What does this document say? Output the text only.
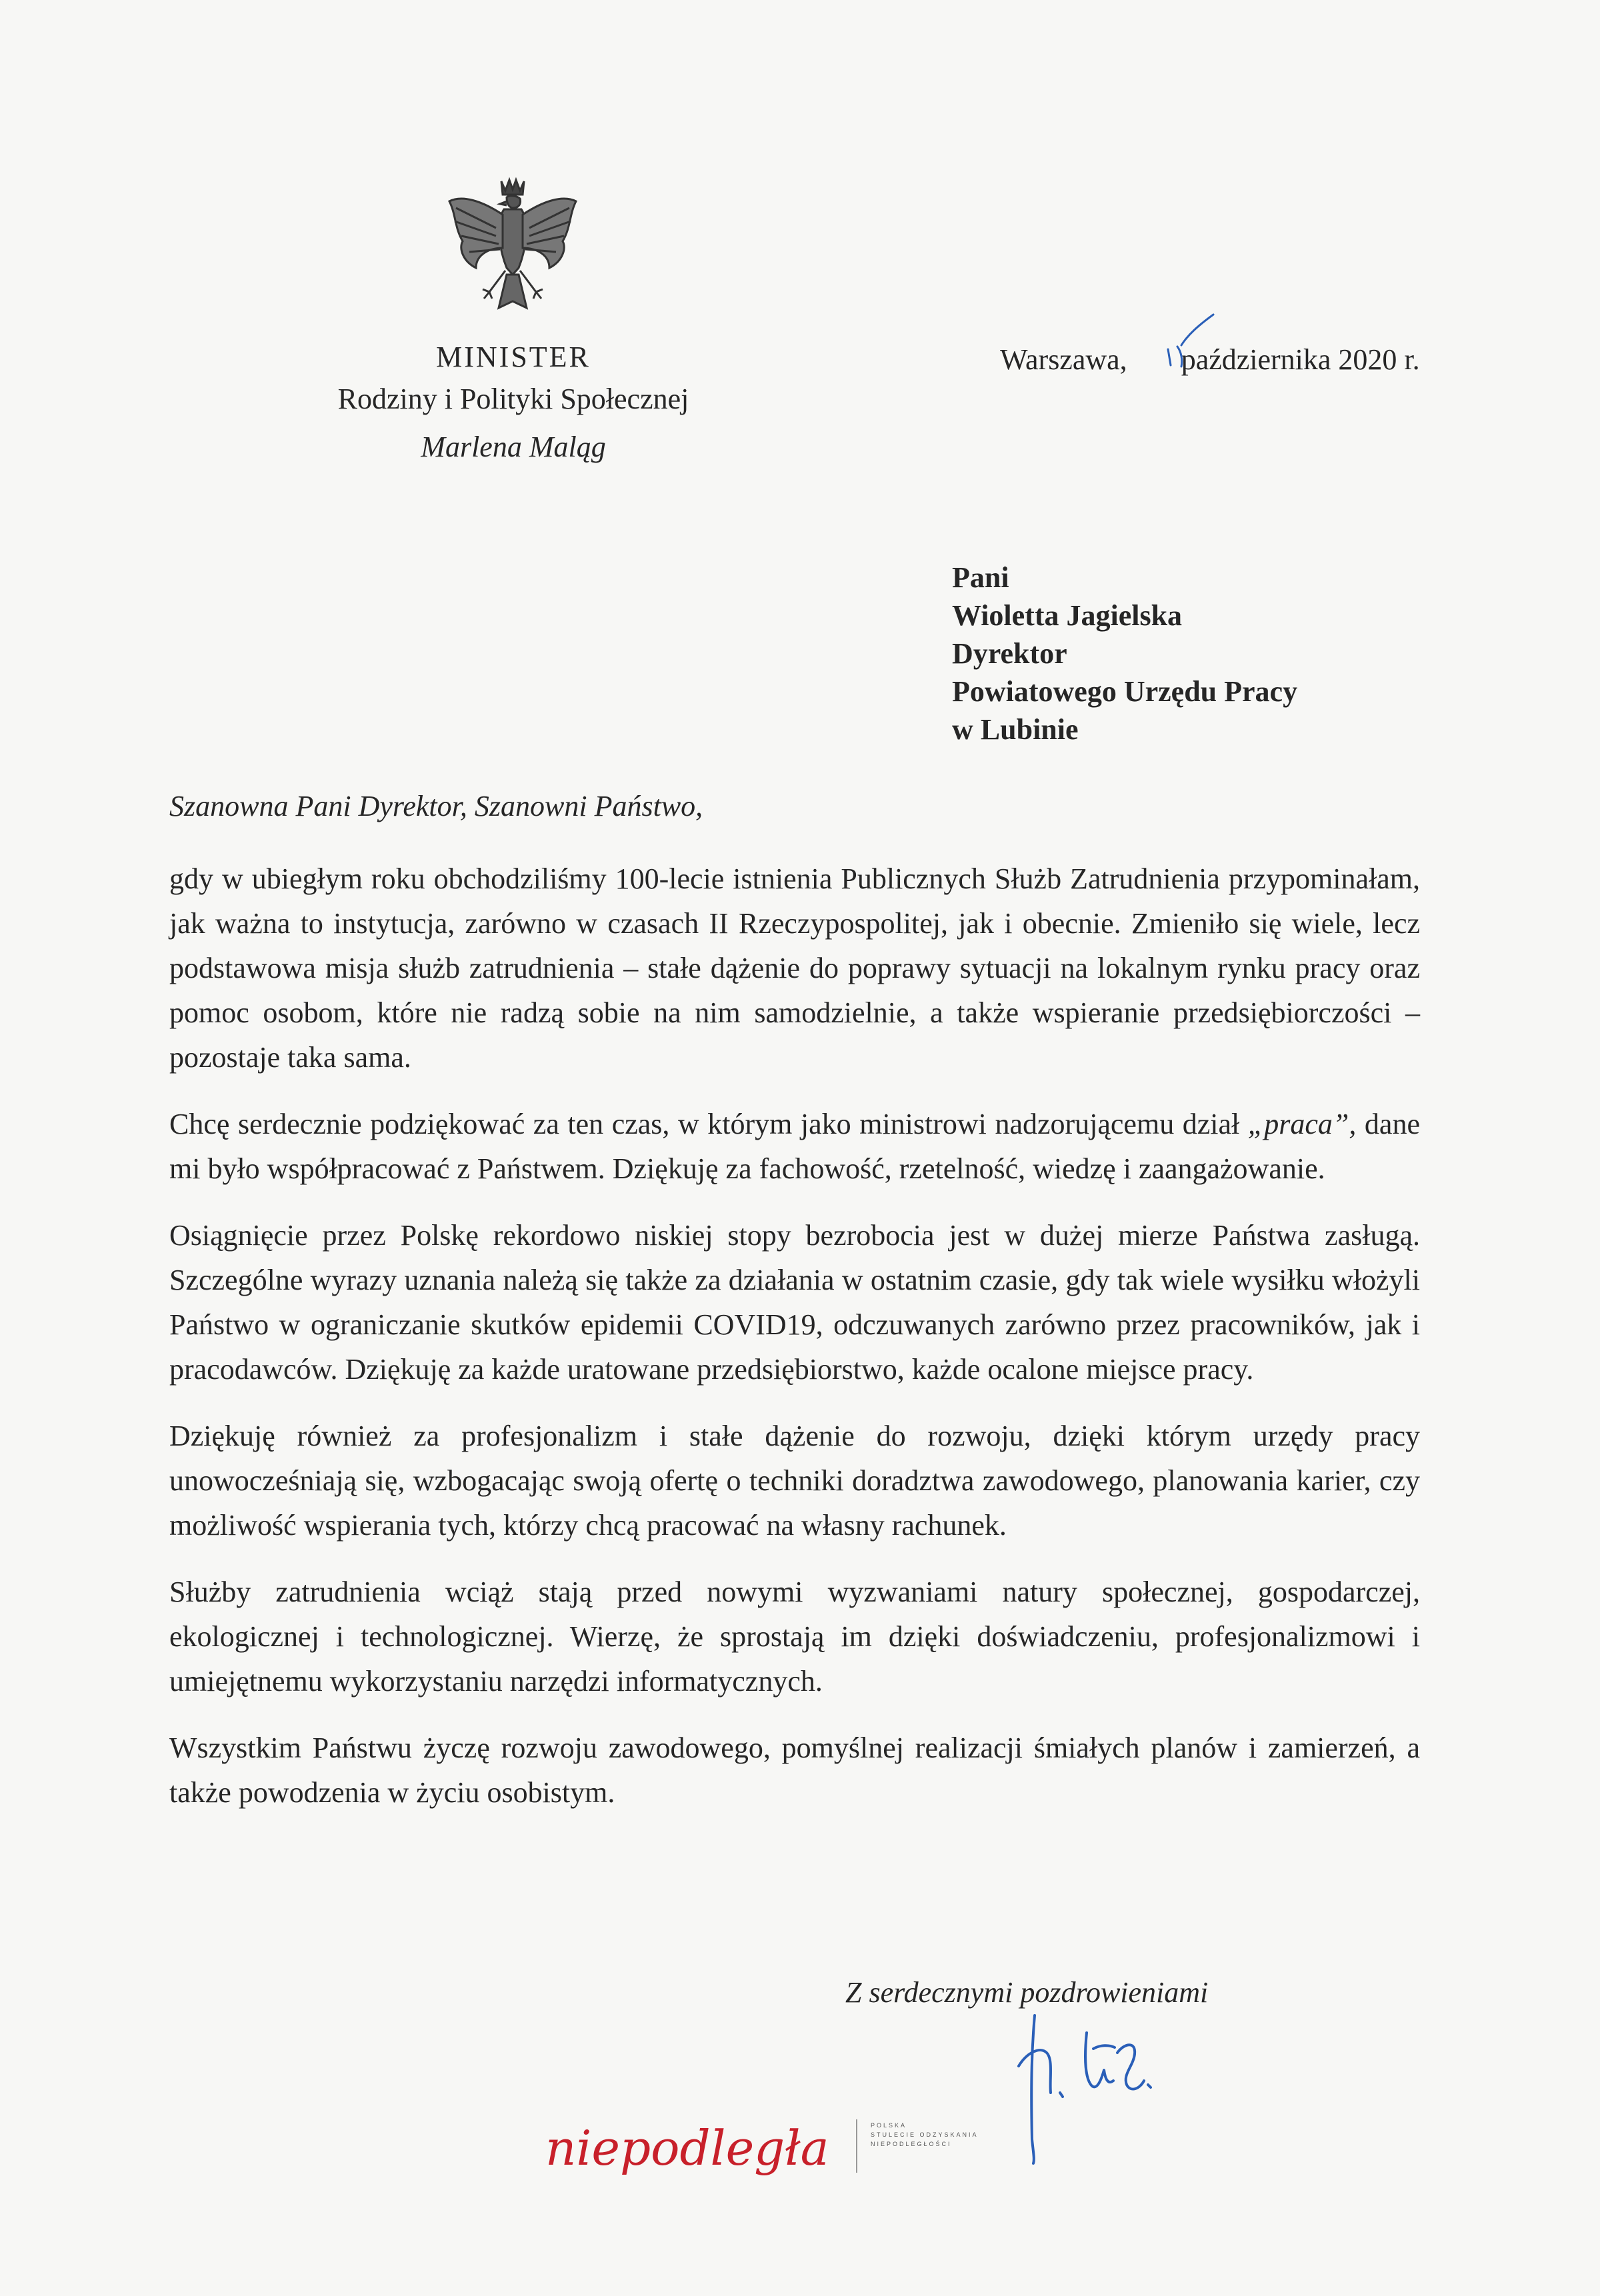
MINISTER
Rodziny i Polityki Społecznej
Marlena Maląg
Warszawa, października 2020 r.
Pani
Wioletta Jagielska
Dyrektor
Powiatowego Urzędu Pracy
w Lubinie
Szanowna Pani Dyrektor, Szanowni Państwo,

gdy w ubiegłym roku obchodziliśmy 100-lecie istnienia Publicznych Służb Zatrudnienia przypominałam, jak ważna to instytucja, zarówno w czasach II Rzeczypospolitej, jak i obecnie. Zmieniło się wiele, lecz podstawowa misja służb zatrudnienia – stałe dążenie do poprawy sytuacji na lokalnym rynku pracy oraz pomoc osobom, które nie radzą sobie na nim samodzielnie, a także wspieranie przedsiębiorczości – pozostaje taka sama.

Chcę serdecznie podziękować za ten czas, w którym jako ministrowi nadzorującemu dział „praca”, dane mi było współpracować z Państwem. Dziękuję za fachowość, rzetelność, wiedzę i zaangażowanie.

Osiągnięcie przez Polskę rekordowo niskiej stopy bezrobocia jest w dużej mierze Państwa zasługą. Szczególne wyrazy uznania należą się także za działania w ostatnim czasie, gdy tak wiele wysiłku włożyli Państwo w ograniczanie skutków epidemii COVID19, odczuwanych zarówno przez pracowników, jak i pracodawców. Dziękuję za każde uratowane przedsiębiorstwo, każde ocalone miejsce pracy.

Dziękuję również za profesjonalizm i stałe dążenie do rozwoju, dzięki którym urzędy pracy unowocześniają się, wzbogacając swoją ofertę o techniki doradztwa zawodowego, planowania karier, czy możliwość wspierania tych, którzy chcą pracować na własny rachunek.

Służby zatrudnienia wciąż stają przed nowymi wyzwaniami natury społecznej, gospodarczej, ekologicznej i technologicznej. Wierzę, że sprostają im dzięki doświadczeniu, profesjonalizmowi i umiejętnemu wykorzystaniu narzędzi informatycznych.

Wszystkim Państwu życzę rozwoju zawodowego, pomyślnej realizacji śmiałych planów i zamierzeń, a także powodzenia w życiu osobistym.

Z serdecznymi pozdrowieniami
niepodległa	POLSKA
STULECIE ODZYSKANIA
NIEPODLEGŁOŚCI
